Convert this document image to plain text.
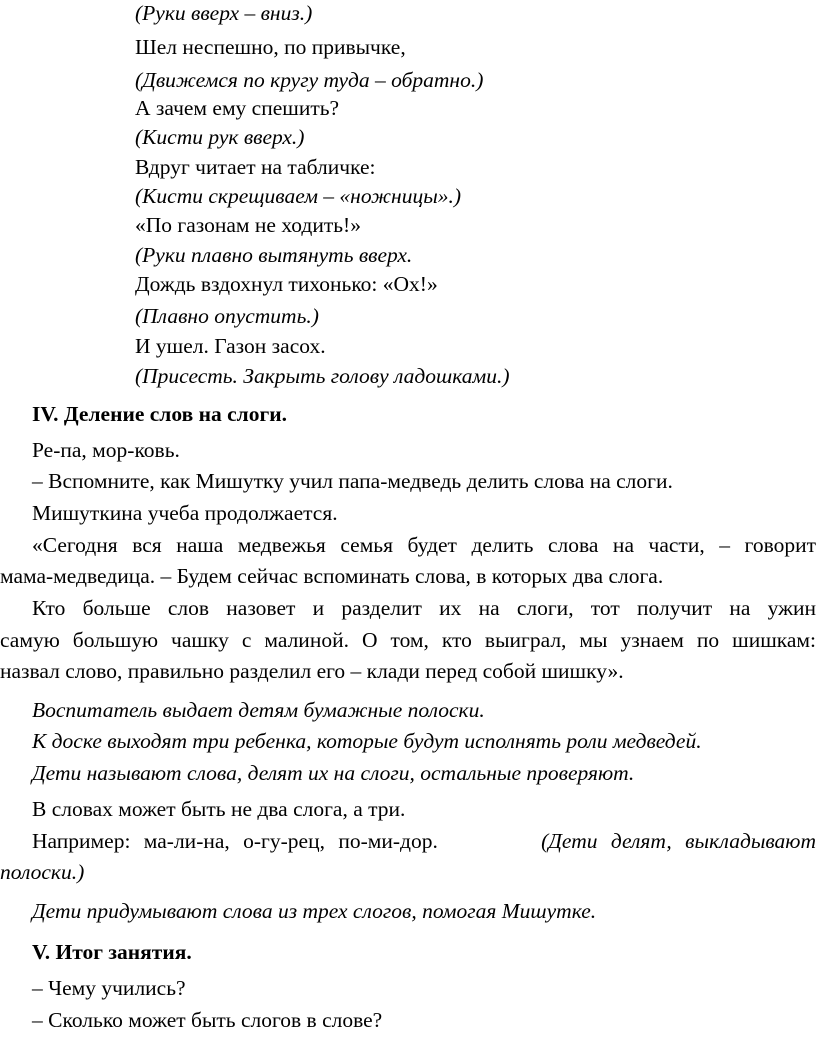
(Руки вверх – вниз.)
Шел неспешно, по привычке,
(Движемся по кругу туда – обратно.)
А зачем ему спешить?
(Кисти рук вверх.)
Вдруг читает на табличке:
(Кисти скрещиваем – «ножницы».)
«По газонам не ходить!»
(Руки плавно вытянуть вверх.
Дождь вздохнул тихонько: «Ох!»
(Плавно опустить.)
И ушел. Газон засох.
(Присесть. Закрыть голову ладошками.)
IV. Деление слов на слоги.
Ре-па, мор-ковь.
– Вспомните, как Мишутку учил папа-медведь делить слова на слоги.
Мишуткина учеба продолжается.
«Сегодня вся наша медвежья семья будет делить слова на части, – говорит
мама-медведица. – Будем сейчас вспоминать слова, в которых два слога.
Кто больше слов назовет и разделит их на слоги, тот получит на ужин
самую большую чашку с малиной. О том, кто выиграл, мы узнаем по шишкам:
назвал слово, правильно разделил его – клади перед собой шишку».
Воспитатель выдает детям бумажные полоски.
К доске выходят три ребенка, которые будут исполнять роли медведей.
Дети называют слова, делят их на слоги, остальные проверяют.
В словах может быть не два слога, а три.
Например: ма-ли-на, о-гу-рец, по-ми-дор.	(Дети делят, выкладывают
полоски.)
Дети придумывают слова из трех слогов, помогая Мишутке.
V. Итог занятия.
– Чему учились?
– Сколько может быть слогов в слове?
